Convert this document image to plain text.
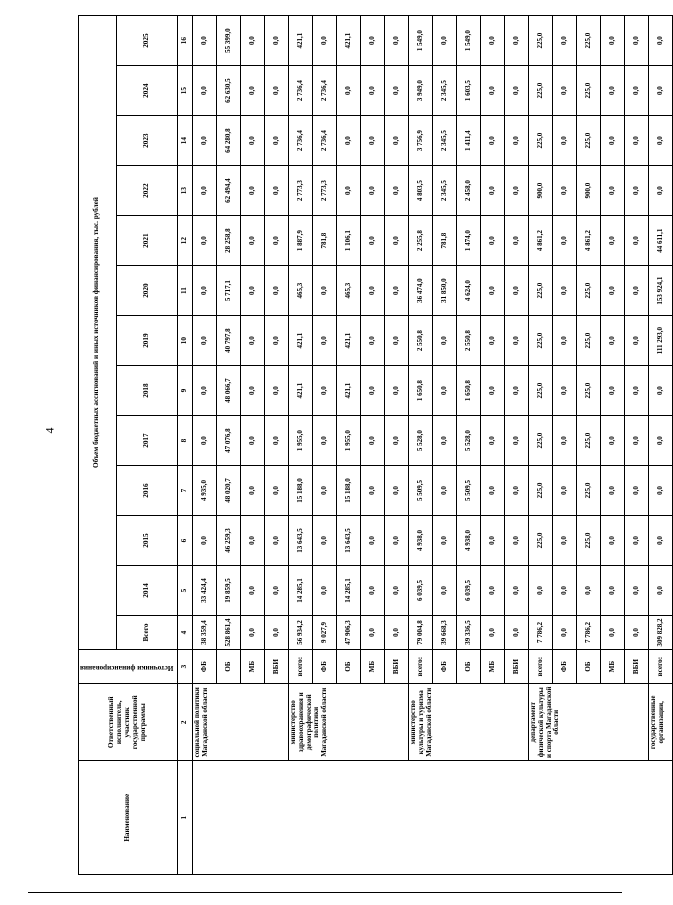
4
Наименование	Ответственный исполнитель, участник государственной программы	Источники финансирования	Объем бюджетных ассигнований и иных источников финансирования, тыс. рублей												
			Всего	2014	2015	2016	2017	2018	2019	2020	2021	2022	2023	2024	2025
1	2	3	4	5	6	7	8	9	10	11	12	13	14	15	16
	социальной политики Магаданской области	ФБ	38 359,4	33 424,4	0,0	4 935,0	0,0	0,0	0,0	0,0	0,0	0,0	0,0	0,0	0,0
		ОБ	528 861,4	19 859,5	46 259,3	48 020,7	47 076,8	48 066,7	40 797,8	5 717,1	28 258,8	62 494,4	64 280,8	62 630,5	55 399,0
		МБ	0,0	0,0	0,0	0,0	0,0	0,0	0,0	0,0	0,0	0,0	0,0	0,0	0,0
		ВБИ	0,0	0,0	0,0	0,0	0,0	0,0	0,0	0,0	0,0	0,0	0,0	0,0	0,0
	министерство здравоохранения и демографической политики Магаданской области	всего:	56 934,2	14 285,1	13 643,5	15 188,0	1 955,0	421,1	421,1	465,3	1 887,9	2 773,3	2 736,4	2 736,4	421,1
		ФБ	9 027,9	0,0	0,0	0,0	0,0	0,0	0,0	0,0	781,8	2 773,3	2 736,4	2 736,4	0,0
		ОБ	47 906,3	14 285,1	13 643,5	15 188,0	1 955,0	421,1	421,1	465,3	1 106,1	0,0	0,0	0,0	421,1
		МБ	0,0	0,0	0,0	0,0	0,0	0,0	0,0	0,0	0,0	0,0	0,0	0,0	0,0
		ВБИ	0,0	0,0	0,0	0,0	0,0	0,0	0,0	0,0	0,0	0,0	0,0	0,0	0,0
	министерство культуры и туризма Магаданской области	всего:	79 004,8	6 039,5	4 938,0	5 509,5	5 528,0	1 650,8	2 550,8	36 474,0	2 255,8	4 803,5	3 756,9	3 949,0	1 549,0
		ФБ	39 668,3	0,0	0,0	0,0	0,0	0,0	0,0	31 850,0	781,8	2 345,5	2 345,5	2 345,5	0,0
		ОБ	39 336,5	6 039,5	4 938,0	5 509,5	5 528,0	1 650,8	2 550,8	4 624,0	1 474,0	2 458,0	1 411,4	1 603,5	1 549,0
		МБ	0,0	0,0	0,0	0,0	0,0	0,0	0,0	0,0	0,0	0,0	0,0	0,0	0,0
		ВБИ	0,0	0,0	0,0	0,0	0,0	0,0	0,0	0,0	0,0	0,0	0,0	0,0	0,0
	департамент физической культуры и спорта Магаданской области	всего:	7 786,2	0,0	225,0	225,0	225,0	225,0	225,0	225,0	4 861,2	900,0	225,0	225,0	225,0
		ФБ	0,0	0,0	0,0	0,0	0,0	0,0	0,0	0,0	0,0	0,0	0,0	0,0	0,0
		ОБ	7 786,2	0,0	225,0	225,0	225,0	225,0	225,0	225,0	4 861,2	900,0	225,0	225,0	225,0
		МБ	0,0	0,0	0,0	0,0	0,0	0,0	0,0	0,0	0,0	0,0	0,0	0,0	0,0
		ВБИ	0,0	0,0	0,0	0,0	0,0	0,0	0,0	0,0	0,0	0,0	0,0	0,0	0,0
	государственные организации,	всего:	309 828,2	0,0	0,0	0,0	0,0	0,0	111 293,0	153 924,1	44 611,1	0,0	0,0	0,0	0,0
